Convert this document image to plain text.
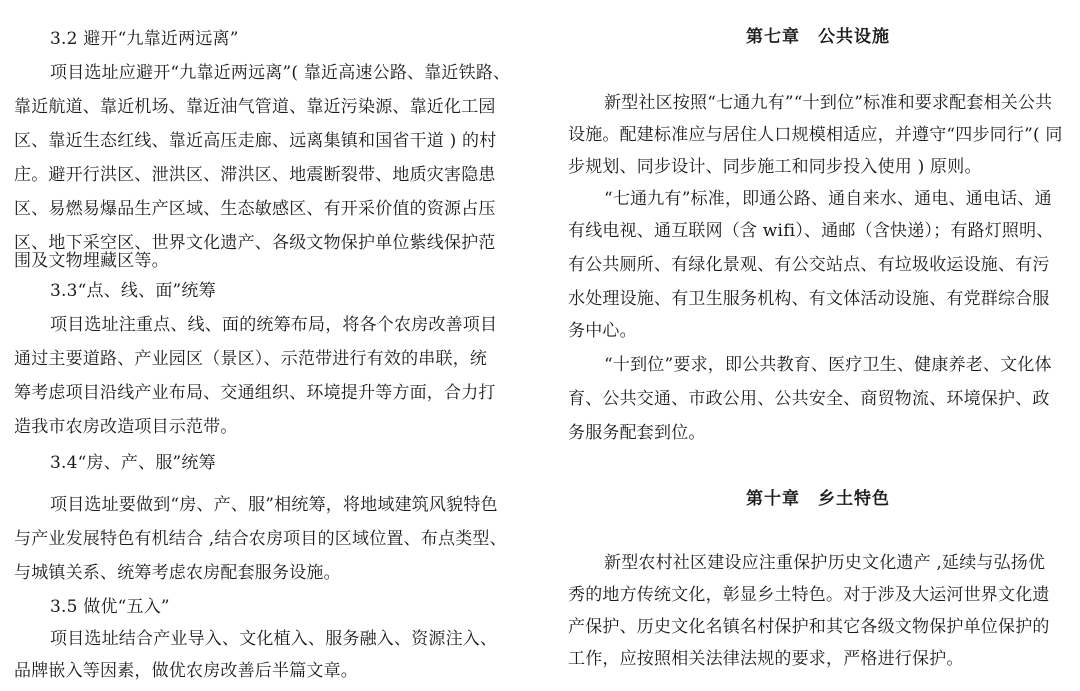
3.2 避开“九靠近两远离”
项目选址应避开“九靠近两远离”( 靠近高速公路、靠近铁路、
靠近航道、靠近机场、靠近油气管道、靠近污染源、靠近化工园
区、靠近生态红线、靠近高压走廊、远离集镇和国省干道 ) 的村
庄。避开行洪区、泄洪区、滞洪区、地震断裂带、地质灾害隐患
区、易燃易爆品生产区域、生态敏感区、有开采价值的资源占压
区、地下采空区、世界文化遗产、各级文物保护单位紫线保护范
围及文物埋藏区等。
3.3“点、线、面”统筹
项目选址注重点、线、面的统筹布局，将各个农房改善项目
通过主要道路、产业园区（景区）、示范带进行有效的串联，统
筹考虑项目沿线产业布局、交通组织、环境提升等方面，合力打
造我市农房改造项目示范带。
3.4“房、产、服”统筹
项目选址要做到“房、产、服”相统筹，将地域建筑风貌特色
与产业发展特色有机结合 ,结合农房项目的区域位置、布点类型、
与城镇关系、统筹考虑农房配套服务设施。
3.5 做优“五入”
项目选址结合产业导入、文化植入、服务融入、资源注入、
品牌嵌入等因素，做优农房改善后半篇文章。
第七章　公共设施
新型社区按照“七通九有”“十到位”标准和要求配套相关公共
设施。配建标准应与居住人口规模相适应，并遵守“四步同行”( 同
步规划、同步设计、同步施工和同步投入使用 ) 原则。
“七通九有”标准，即通公路、通自来水、通电、通电话、通
有线电视、通互联网（含 wifi）、通邮（含快递）；有路灯照明、
有公共厕所、有绿化景观、有公交站点、有垃圾收运设施、有污
水处理设施、有卫生服务机构、有文体活动设施、有党群综合服
务中心。
“十到位”要求，即公共教育、医疗卫生、健康养老、文化体
育、公共交通、市政公用、公共安全、商贸物流、环境保护、政
务服务配套到位。
第十章　乡土特色
新型农村社区建设应注重保护历史文化遗产 ,延续与弘扬优
秀的地方传统文化，彰显乡土特色。对于涉及大运河世界文化遗
产保护、历史文化名镇名村保护和其它各级文物保护单位保护的
工作，应按照相关法律法规的要求，严格进行保护。
